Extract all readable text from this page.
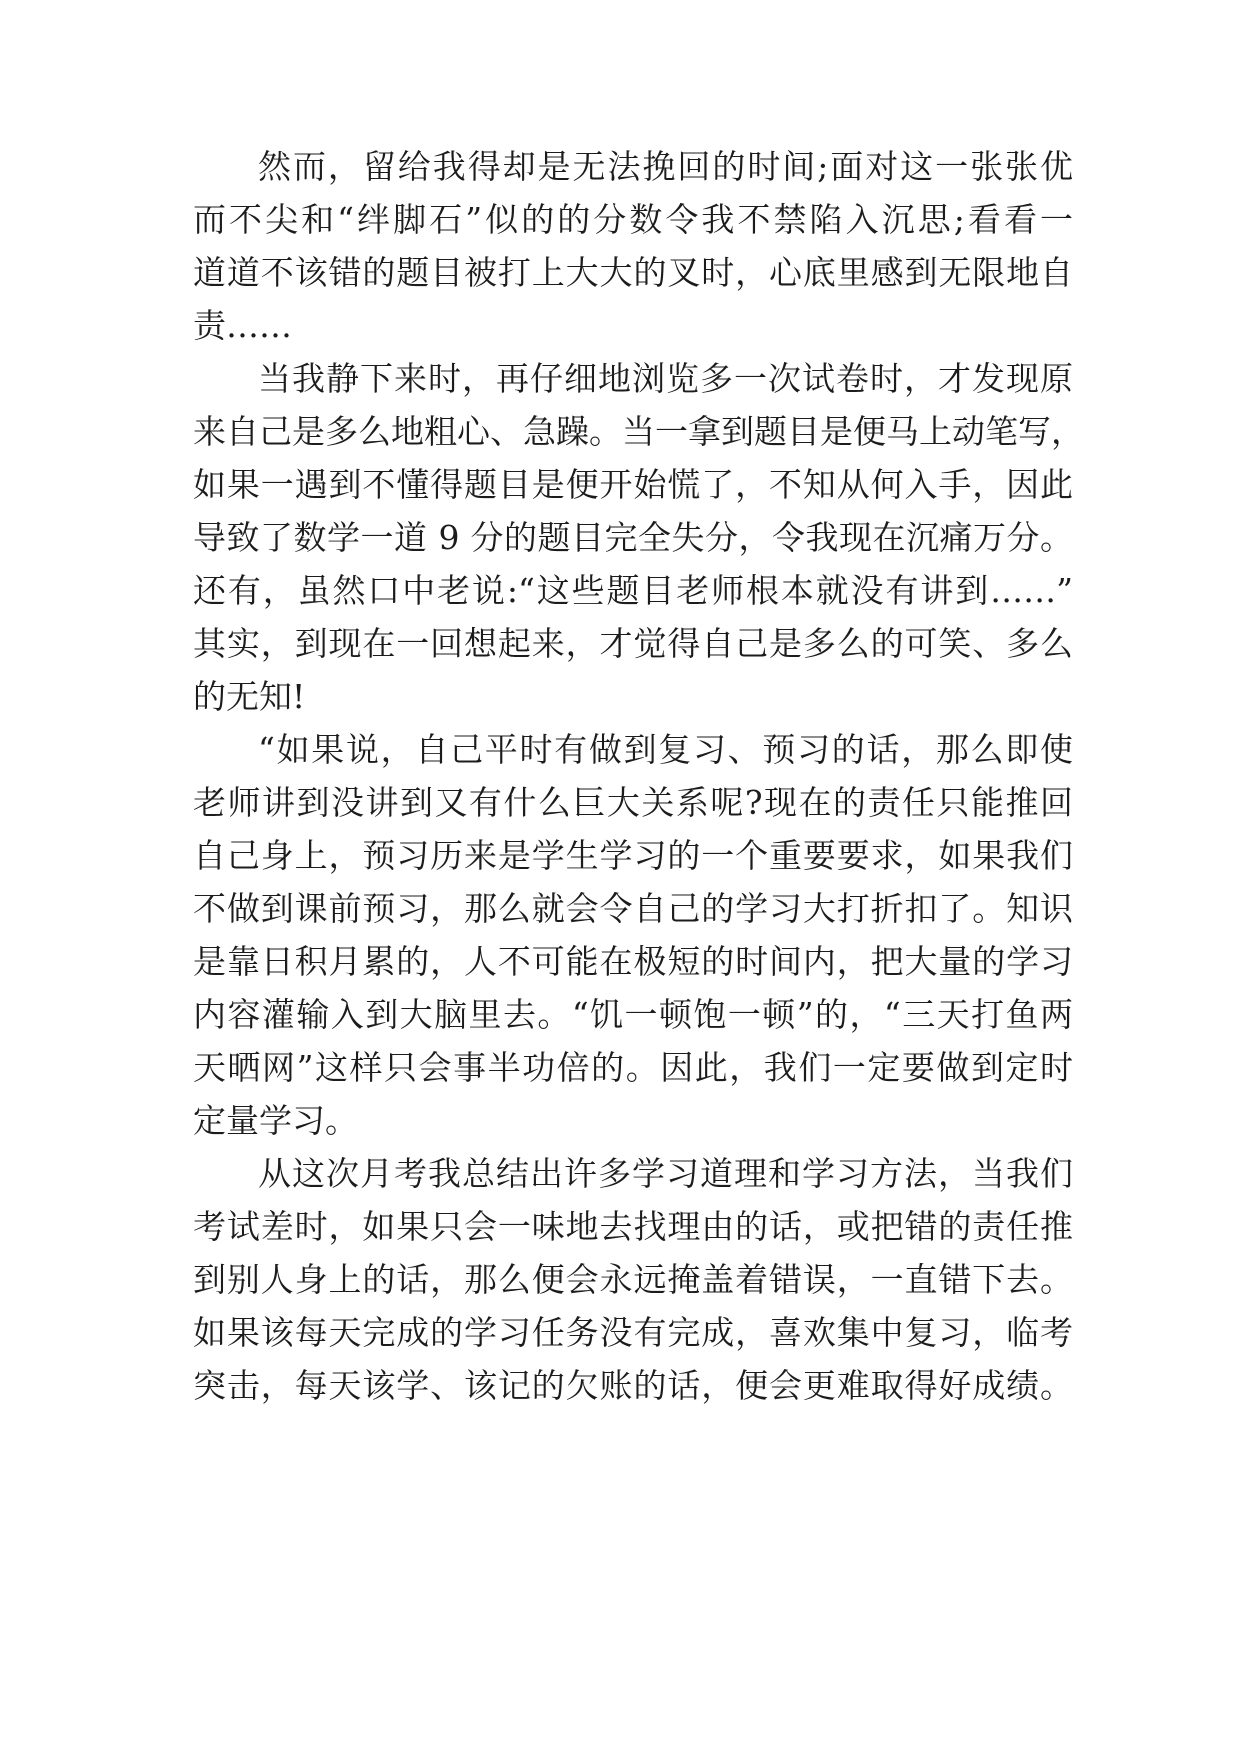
然而，留给我得却是无法挽回的时间;面对这一张张优
而不尖和“绊脚石”似的的分数令我不禁陷入沉思;看看一
道道不该错的题目被打上大大的叉时，心底里感到无限地自
责……
当我静下来时，再仔细地浏览多一次试卷时，才发现原
来自己是多么地粗心、急躁。当一拿到题目是便马上动笔写，
如果一遇到不懂得题目是便开始慌了，不知从何入手，因此
导致了数学一道 9 分的题目完全失分，令我现在沉痛万分。
还有，虽然口中老说:“这些题目老师根本就没有讲到……”
其实，到现在一回想起来，才觉得自己是多么的可笑、多么
的无知!
“如果说，自己平时有做到复习、预习的话，那么即使
老师讲到没讲到又有什么巨大关系呢?现在的责任只能推回
自己身上，预习历来是学生学习的一个重要要求，如果我们
不做到课前预习，那么就会令自己的学习大打折扣了。知识
是靠日积月累的，人不可能在极短的时间内，把大量的学习
内容灌输入到大脑里去。“饥一顿饱一顿”的，“三天打鱼两
天晒网”这样只会事半功倍的。因此，我们一定要做到定时
定量学习。
从这次月考我总结出许多学习道理和学习方法，当我们
考试差时，如果只会一味地去找理由的话，或把错的责任推
到别人身上的话，那么便会永远掩盖着错误，一直错下去。
如果该每天完成的学习任务没有完成，喜欢集中复习，临考
突击，每天该学、该记的欠账的话，便会更难取得好成绩。
